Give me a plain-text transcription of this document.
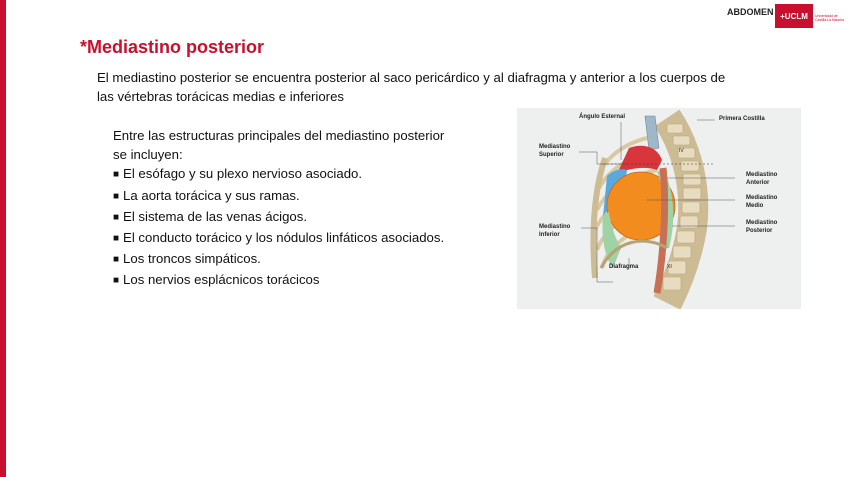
ABDOMEN +UCLM Universidad de Castilla-La Mancha
*Mediastino posterior
El mediastino posterior se encuentra posterior al saco pericárdico y al diafragma y anterior a los cuerpos de las vértebras torácicas medias e inferiores
Entre las estructuras principales del mediastino posterior
se incluyen:
■ El esófago y su plexo nervioso asociado.
■ La aorta torácica y sus ramas.
■ El sistema de las venas ácigos.
■ El conducto torácico y los nódulos linfáticos asociados.
■ Los troncos simpáticos.
■ Los nervios esplácnicos torácicos
Ángulo Esternal	Primera Costilla
Mediastino
Superior
Mediastino
Anterior
Mediastino
Medio
Mediastino
Posterior
Mediastino
Inferior
Diafragma
IV
XI
